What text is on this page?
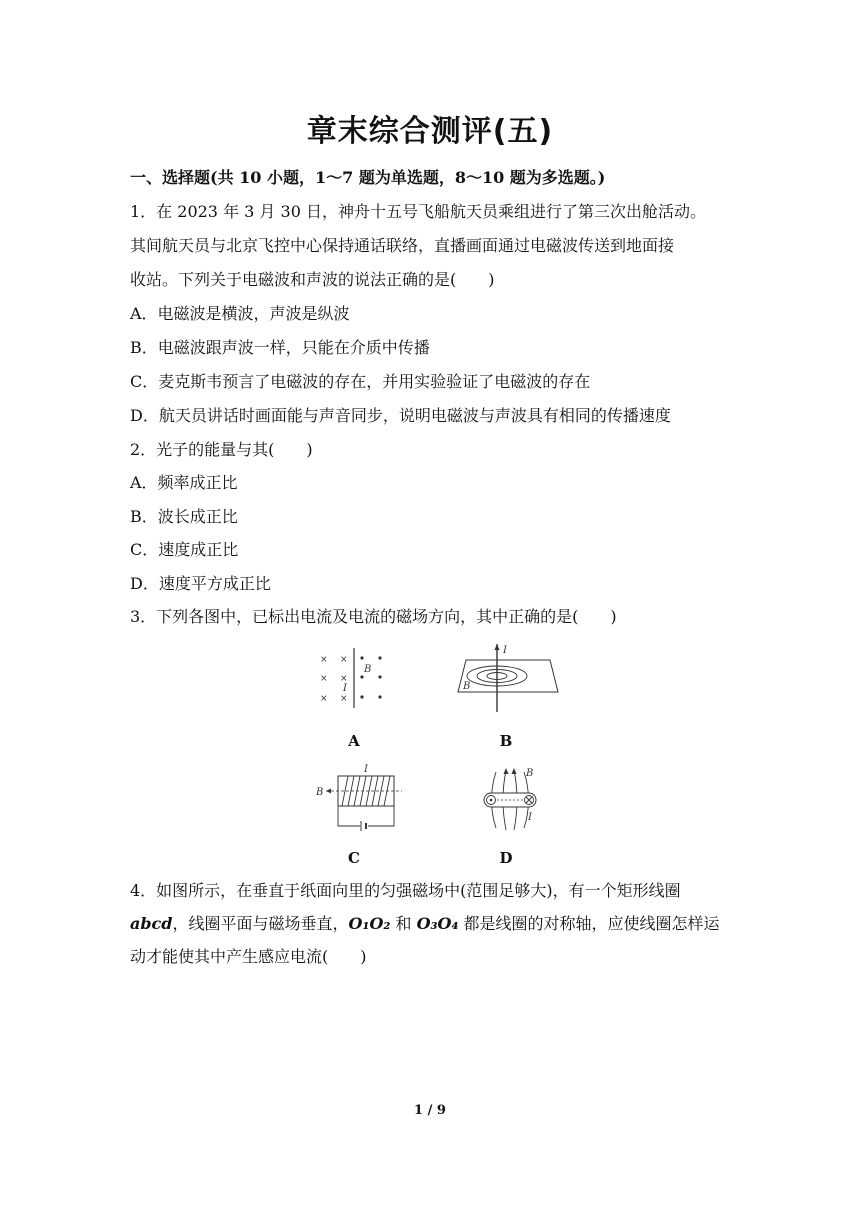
章末综合测评(五)
一、选择题(共 10 小题，1～7 题为单选题，8～10 题为多选题。)
1．在 2023 年 3 月 30 日，神舟十五号飞船航天员乘组进行了第三次出舱活动。
其间航天员与北京飞控中心保持通话联络，直播画面通过电磁波传送到地面接
收站。下列关于电磁波和声波的说法正确的是(　　)
A．电磁波是横波，声波是纵波
B．电磁波跟声波一样，只能在介质中传播
C．麦克斯韦预言了电磁波的存在，并用实验验证了电磁波的存在
D．航天员讲话时画面能与声音同步，说明电磁波与声波具有相同的传播速度
2．光子的能量与其(　　)
A．频率成正比
B．波长成正比
C．速度成正比
D．速度平方成正比
3．下列各图中，已标出电流及电流的磁场方向，其中正确的是(　　)
× ×
× ×
× ×
I
B
I
B
B
I	B
I
A	B
C	D
4．如图所示，在垂直于纸面向里的匀强磁场中(范围足够大)，有一个矩形线圈
abcd，线圈平面与磁场垂直，O₁O₂ 和 O₃O₄ 都是线圈的对称轴，应使线圈怎样运
动才能使其中产生感应电流(　　)
1 / 9
